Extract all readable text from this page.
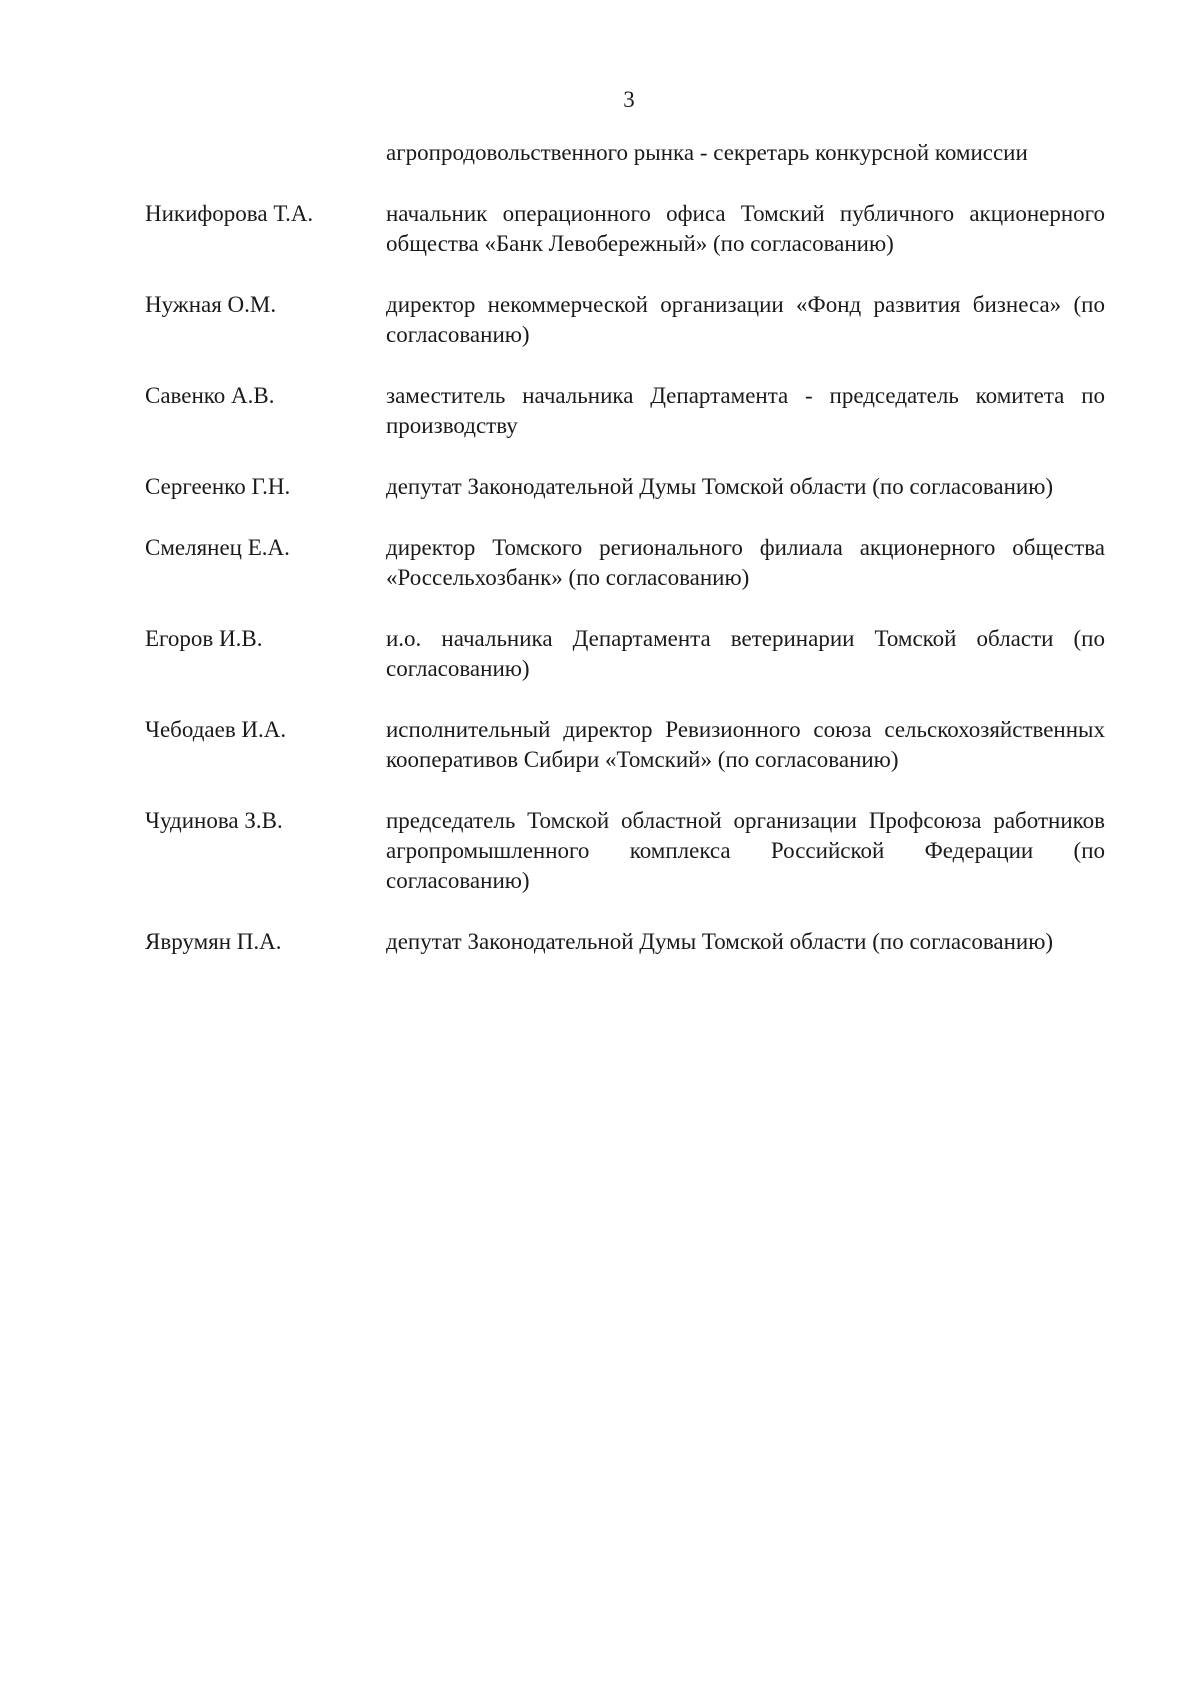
3
агропродовольственного рынка - секретарь конкурсной комиссии
Никифорова Т.А.	начальник операционного офиса Томский публичного акционерного общества «Банк Левобережный» (по согласованию)
Нужная О.М.	директор некоммерческой организации «Фонд развития бизнеса» (по согласованию)
Савенко А.В.	заместитель начальника Департамента - председатель комитета по производству
Сергеенко Г.Н.	депутат Законодательной Думы Томской области (по согласованию)
Смелянец Е.А.	директор Томского регионального филиала акционерного общества «Россельхозбанк» (по согласованию)
Егоров И.В.	и.о. начальника Департамента ветеринарии Томской области (по согласованию)
Чебодаев И.А.	исполнительный директор Ревизионного союза сельскохозяйственных кооперативов Сибири «Томский» (по согласованию)
Чудинова З.В.	председатель Томской областной организации Профсоюза работников агропромышленного комплекса Российской Федерации (по согласованию)
Яврумян П.А.	депутат Законодательной Думы Томской области (по согласованию)
